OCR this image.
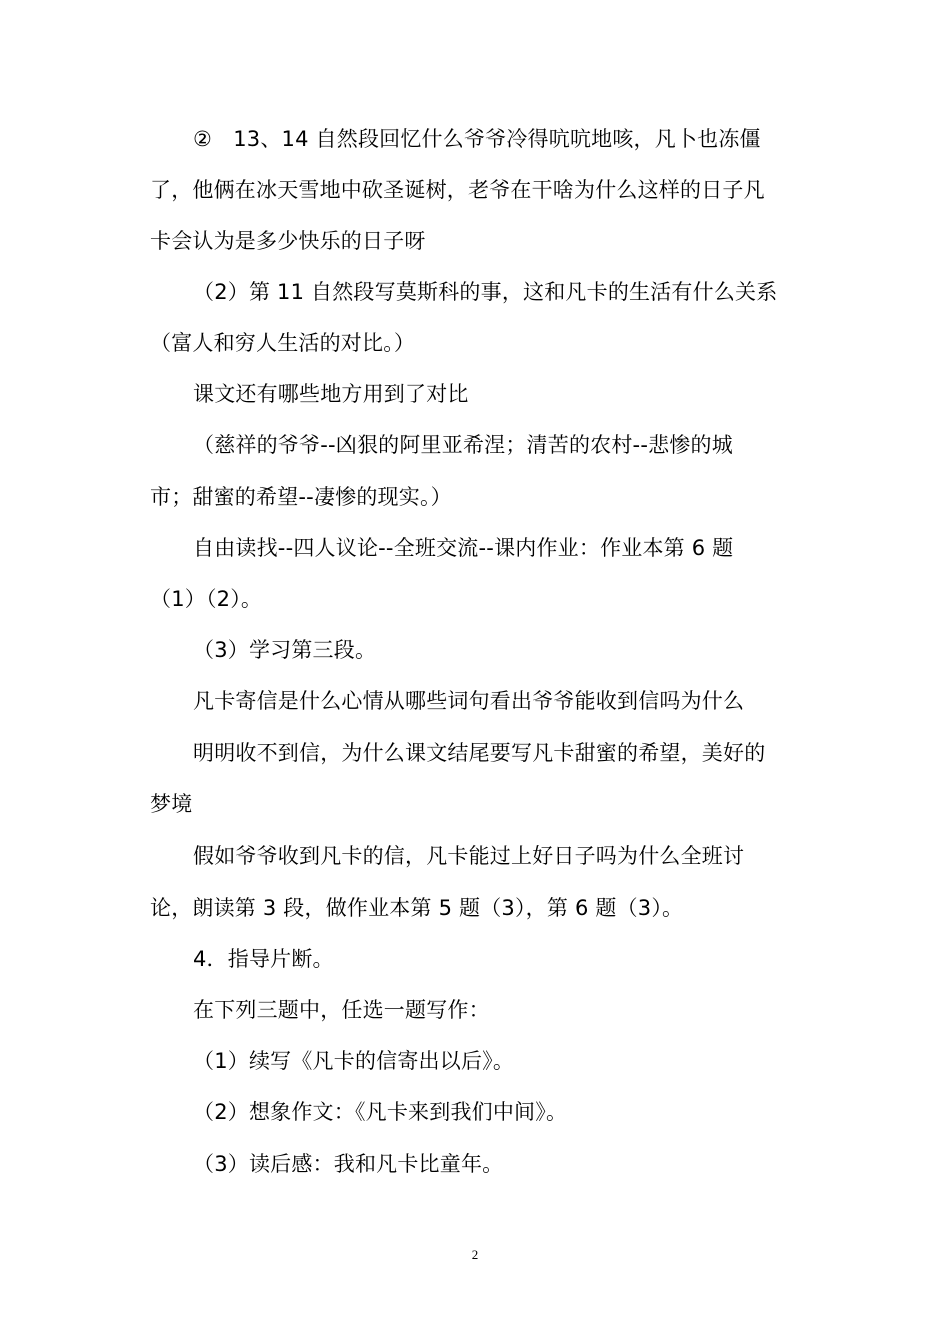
②　13、14 自然段回忆什么爷爷冷得吭吭地咳，凡卜也冻僵
了，他俩在冰天雪地中砍圣诞树，老爷在干啥为什么这样的日子凡
卡会认为是多少快乐的日子呀
（2）第 11 自然段写莫斯科的事，这和凡卡的生活有什么关系
（富人和穷人生活的对比。）
课文还有哪些地方用到了对比
（慈祥的爷爷--凶狠的阿里亚希涅；清苦的农村--悲惨的城
市；甜蜜的希望--凄惨的现实。）
自由读找--四人议论--全班交流--课内作业：作业本第 6 题
（1）（2）。
（3）学习第三段。
凡卡寄信是什么心情从哪些词句看出爷爷能收到信吗为什么
明明收不到信，为什么课文结尾要写凡卡甜蜜的希望，美好的
梦境
假如爷爷收到凡卡的信，凡卡能过上好日子吗为什么全班讨
论，朗读第 3 段，做作业本第 5 题（3），第 6 题（3）。
4．指导片断。
在下列三题中，任选一题写作：
（1）续写《凡卡的信寄出以后》。
（2）想象作文：《凡卡来到我们中间》。
（3）读后感：我和凡卡比童年。
2
